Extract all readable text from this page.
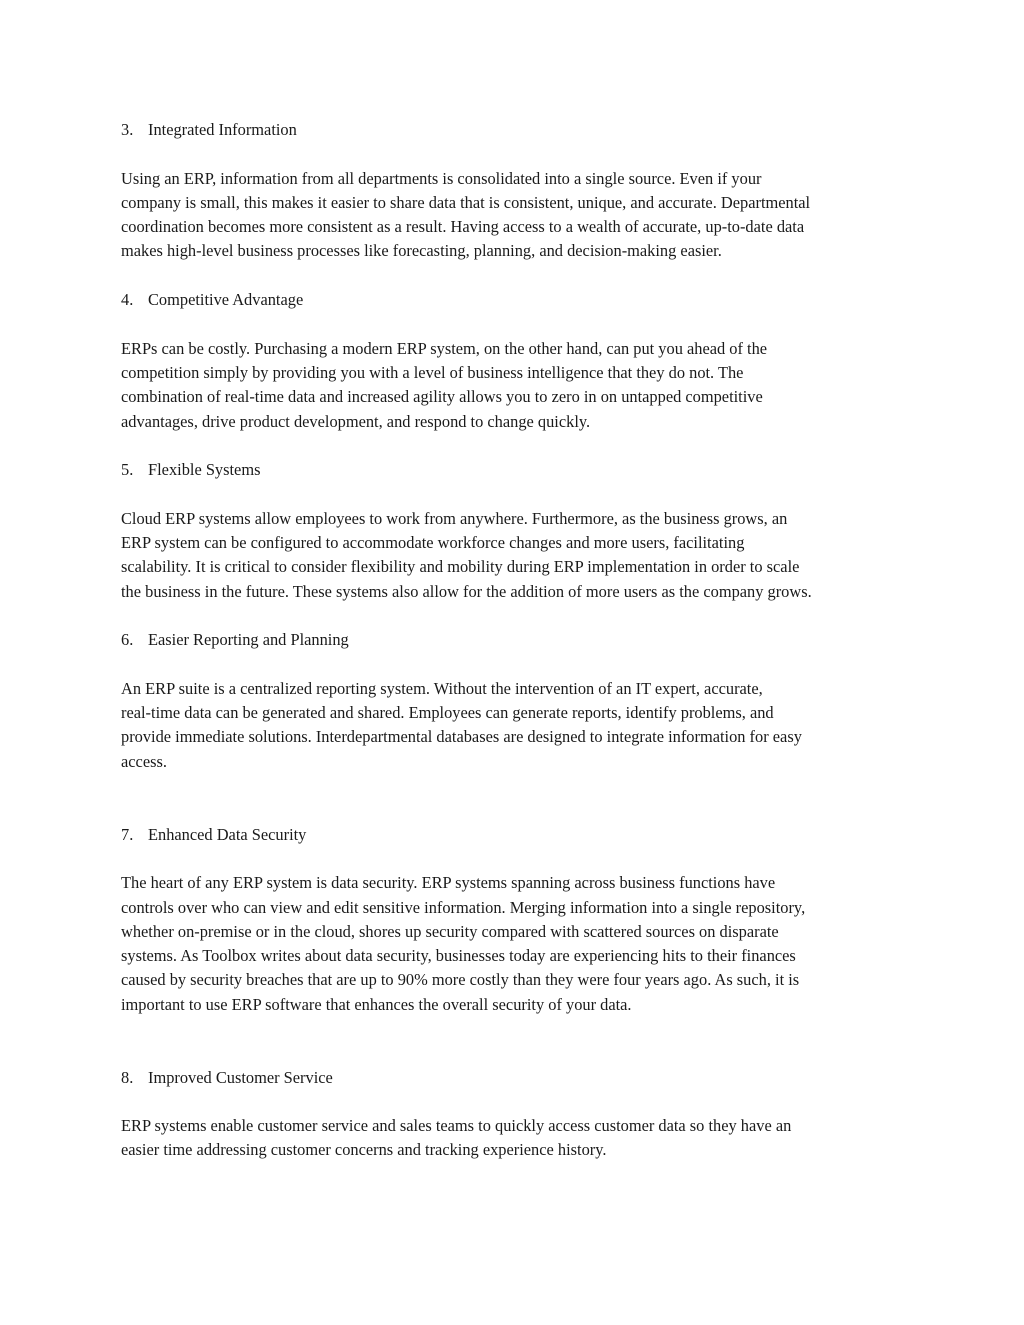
3. Integrated Information

Using an ERP, information from all departments is consolidated into a single source. Even if your
company is small, this makes it easier to share data that is consistent, unique, and accurate. Departmental
coordination becomes more consistent as a result. Having access to a wealth of accurate, up-to-date data
makes high-level business processes like forecasting, planning, and decision-making easier.

4. Competitive Advantage

ERPs can be costly. Purchasing a modern ERP system, on the other hand, can put you ahead of the
competition simply by providing you with a level of business intelligence that they do not. The
combination of real-time data and increased agility allows you to zero in on untapped competitive
advantages, drive product development, and respond to change quickly.

5. Flexible Systems

Cloud ERP systems allow employees to work from anywhere. Furthermore, as the business grows, an
ERP system can be configured to accommodate workforce changes and more users, facilitating
scalability. It is critical to consider flexibility and mobility during ERP implementation in order to scale
the business in the future. These systems also allow for the addition of more users as the company grows.

6. Easier Reporting and Planning

An ERP suite is a centralized reporting system. Without the intervention of an IT expert, accurate,
real-time data can be generated and shared. Employees can generate reports, identify problems, and
provide immediate solutions. Interdepartmental databases are designed to integrate information for easy
access.

7. Enhanced Data Security

The heart of any ERP system is data security. ERP systems spanning across business functions have
controls over who can view and edit sensitive information. Merging information into a single repository,
whether on-premise or in the cloud, shores up security compared with scattered sources on disparate
systems. As Toolbox writes about data security, businesses today are experiencing hits to their finances
caused by security breaches that are up to 90% more costly than they were four years ago. As such, it is
important to use ERP software that enhances the overall security of your data.

8. Improved Customer Service

ERP systems enable customer service and sales teams to quickly access customer data so they have an
easier time addressing customer concerns and tracking experience history.
